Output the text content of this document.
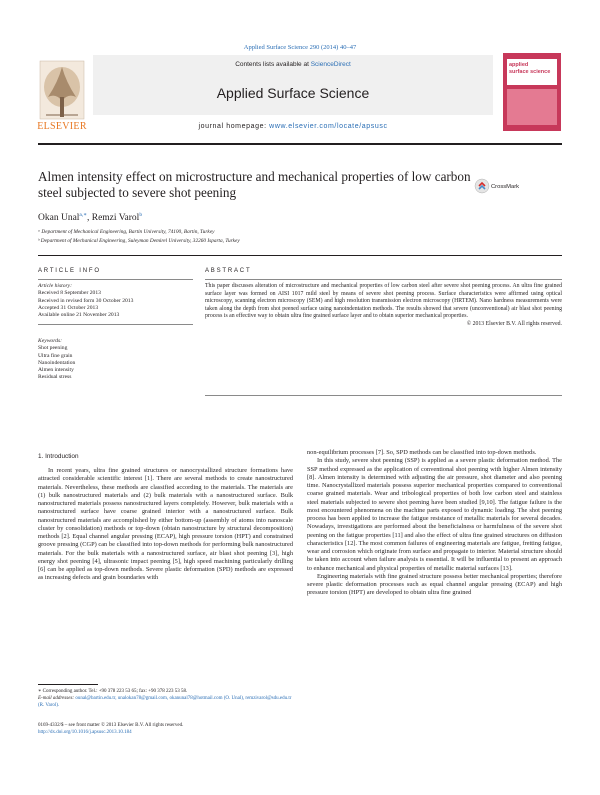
Applied Surface Science 290 (2014) 40–47
ELSEVIER
Contents lists available at ScienceDirect
Applied Surface Science
journal homepage: www.elsevier.com/locate/apsusc
applied
surface science
Almen intensity effect on microstructure and mechanical properties of low carbon steel subjected to severe shot peening	CrossMark
Okan Unal$^{a,∗}$, Remzi Varol$^b$
ᵃ Department of Mechanical Engineering, Bartin University, 74100, Bartin, Turkey
ᵇ Department of Mechanical Engineering, Suleyman Demirel University, 32260 Isparta, Turkey
ARTICLE INFO
Article history:
Received 8 September 2013
Received in revised form 30 October 2013
Accepted 31 October 2013
Available online 21 November 2013
Keywords:
Shot peening
Ultra fine grain
Nanoindentation
Almen intensity
Residual stress
ABSTRACT
This paper discusses alteration of microstructure and mechanical properties of low carbon steel after severe shot peening process. An ultra fine grained surface layer was formed on AISI 1017 mild steel by means of severe shot peening process. Surface characteristics were affirmed using optical microscopy, scanning electron microscopy (SEM) and high resolution transmission electron microscopy (HRTEM). Nano hardness measurements were taken along the depth from shot peened surface using nanoindentation methods. The results showed that severe (unconventional) air blast shot peening process is an effective way to obtain ultra fine grained surface layer and to obtain superior mechanical properties.
© 2013 Elsevier B.V. All rights reserved.
1. Introduction

In recent years, ultra fine grained structures or nanocrystallized structure formations have attracted considerable scientific interest [1]. There are several methods to create nanostructured materials. Nevertheless, these methods are classified according to the materials. The materials are (1) bulk nanostructured materials and (2) bulk materials with a nanostructured surface. Bulk nanostructured materials possess nanostructured layers completely. However, bulk materials with a nanostructured surface have coarse grained interior with a nanostructured surface. Bulk nanostructured materials are accomplished by either bottom-up (assembly of atoms into nanoscale cluster by consolidation) methods or top-down (obtain nanostructure by structural decomposition) methods [2]. Equal channel angular pressing (ECAP), high pressure torsion (HPT) and constrained groove pressing (CGP) can be classified into top-down methods for performing bulk nanostructured materials. For the bulk materials with a nanostructured surface, air blast shot peening [3], high energy shot peening [4], ultrasonic impact peening [5], high speed machining particularly drilling [6] can be applied as top-down methods. Severe plastic deformation (SPD) methods are expressed as increasing defects and grain boundaries with

non-equilibrium processes [7]. So, SPD methods can be classified into top-down methods.

In this study, severe shot peening (SSP) is applied as a severe plastic deformation method. The SSP method expressed as the application of conventional shot peening with higher Almen intensity [8]. Almen intensity is determined with adjusting the air pressure, shot diameter and also peening time. Nanocrystallized materials possess superior mechanical properties compared to conventional coarse grained materials. Wear and tribological properties of both low carbon steel and stainless steel materials subjected to severe shot peening have been studied [9,10]. The fatigue failure is the most encountered phenomena on the machine parts exposed to dynamic loading. The shot peening process has been applied to increase the fatigue resistance of metallic materials for several decades. Nowadays, investigations are performed about the beneficialness or harmfulness of the severe shot peening on the fatigue properties [11] and also the effect of ultra fine grained structures on diffusion characteristics [12]. The most common failures of engineering materials are fatigue, fretting fatigue, wear and corrosion which originate from surface and propagate to interior. Material structure should be taken into account when failure analysis is essential. It will be influential to present an approach to enhance mechanical and physical properties of metallic material surfaces [13].

Engineering materials with fine grained structure possess better mechanical properties; therefore severe plastic deformation processes such as equal channel angular pressing (ECAP) and high pressure torsion (HPT) are developed to obtain ultra fine grained

∗ Corresponding author. Tel.: +90 378 223 53 65; fax: +90 378 223 53 58.
E-mail addresses: ounal@bartin.edu.tr, unalokan78@gmail.com, okanunal78@hotmail.com (O. Unal), remzivarol@sdu.edu.tr (R. Varol).
0169-4332/$ – see front matter © 2013 Elsevier B.V. All rights reserved.
http://dx.doi.org/10.1016/j.apsusc.2013.10.184
